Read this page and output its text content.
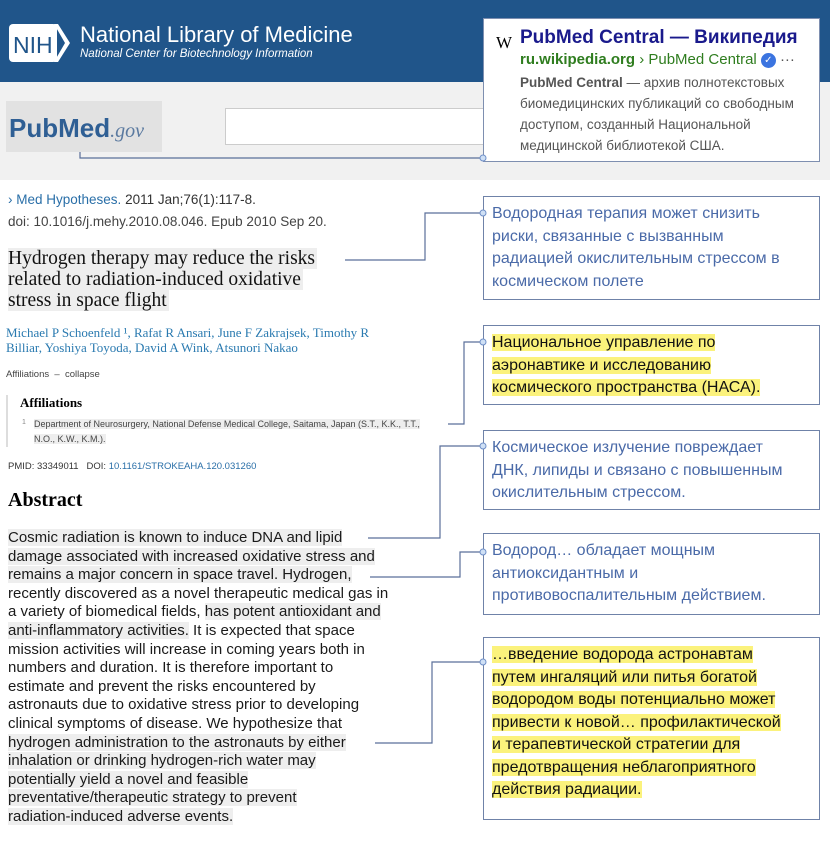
NIH National Library of Medicine
National Center for Biotechnology Information
PubMed.gov
W PubMed Central — Википедия
ru.wikipedia.org › PubMed Central ✓ ···
PubMed Central — архив полнотекстовых
биомедицинских публикаций со свободным
доступом, созданный Национальной
медицинской библиотекой США.
› Med Hypotheses. 2011 Jan;76(1):117-8.
doi: 10.1016/j.mehy.2010.08.046. Epub 2010 Sep 20.
Hydrogen therapy may reduce the risks
related to radiation-induced oxidative
stress in space flight
Michael P Schoenfeld ¹, Rafat R Ansari, June F Zakrajsek, Timothy R
Billiar, Yoshiya Toyoda, David A Wink, Atsunori Nakao
Affiliations  –  collapse
Affiliations
1 Department of Neurosurgery, National Defense Medical College, Saitama, Japan (S.T., K.K., T.T.,
N.O., K.W., K.M.).
PMID: 33349011 DOI: 10.1161/STROKEAHA.120.031260
Abstract
Cosmic radiation is known to induce DNA and lipid
damage associated with increased oxidative stress and
remains a major concern in space travel. Hydrogen,
recently discovered as a novel therapeutic medical gas in
a variety of biomedical fields, has potent antioxidant and
anti-inflammatory activities. It is expected that space
mission activities will increase in coming years both in
numbers and duration. It is therefore important to
estimate and prevent the risks encountered by
astronauts due to oxidative stress prior to developing
clinical symptoms of disease. We hypothesize that
hydrogen administration to the astronauts by either
inhalation or drinking hydrogen-rich water may
potentially yield a novel and feasible
preventative/therapeutic strategy to prevent
radiation-induced adverse events.
Водородная терапия может снизить
риски, связанные с вызванным
радиацией окислительным стрессом в
космическом полете
Национальное управление по
аэронавтике и исследованию
космического пространства (НАСА).
Космическое излучение повреждает
ДНК, липиды и связано с повышенным
окислительным стрессом.
Водород… обладает мощным
антиоксидантным и
противовоспалительным действием.
…введение водорода астронавтам
путем ингаляций или питья богатой
водородом воды потенциально может
привести к новой… профилактической
и терапевтической стратегии для
предотвращения неблагоприятного
действия радиации.
